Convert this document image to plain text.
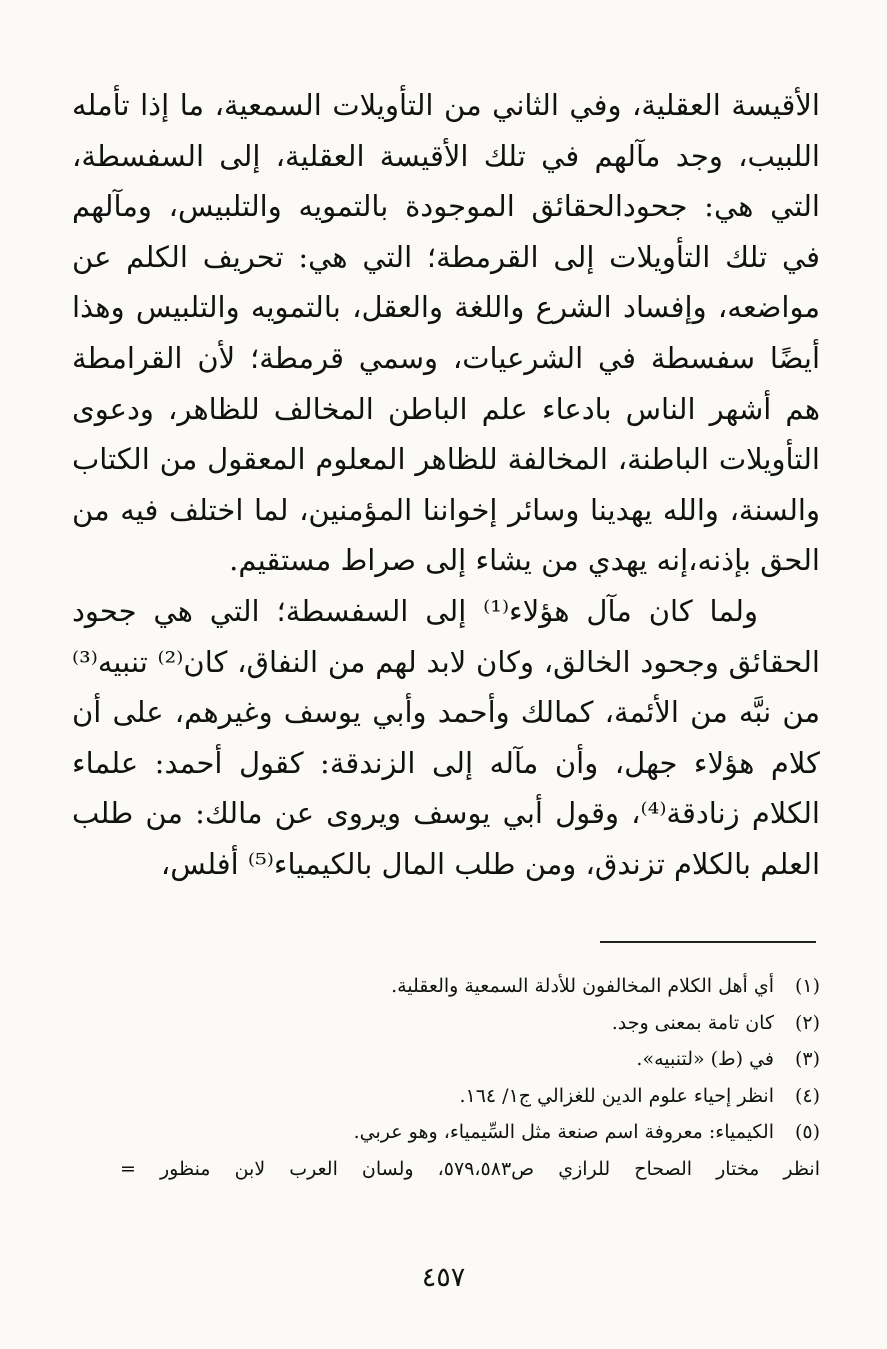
الأقيسة العقلية، وفي الثاني من التأويلات السمعية، ما إذا تأمله اللبيب، وجد مآلهم في تلك الأقيسة العقلية، إلى السفسطة، التي هي: جحودالحقائق الموجودة بالتمويه والتلبيس، ومآلهم في تلك التأويلات إلى القرمطة؛ التي هي: تحريف الكلم عن مواضعه، وإفساد الشرع واللغة والعقل، بالتمويه والتلبيس وهذا أيضًا سفسطة في الشرعيات، وسمي قرمطة؛ لأن القرامطة هم أشهر الناس بادعاء علم الباطن المخالف للظاهر، ودعوى التأويلات الباطنة، المخالفة للظاهر المعلوم المعقول من الكتاب والسنة، والله يهدينا وسائر إخواننا المؤمنين، لما اختلف فيه من الحق بإذنه،إنه يهدي من يشاء إلى صراط مستقيم.

ولما كان مآل هؤلاء⁽¹⁾ إلى السفسطة؛ التي هي جحود الحقائق وجحود الخالق، وكان لابد لهم من النفاق، كان⁽²⁾ تنبيه⁽³⁾ من نبَّه من الأئمة، كمالك وأحمد وأبي يوسف وغيرهم، على أن كلام هؤلاء جهل، وأن مآله إلى الزندقة: كقول أحمد: علماء الكلام زنادقة⁽⁴⁾، وقول أبي يوسف ويروى عن مالك: من طلب العلم بالكلام تزندق، ومن طلب المال بالكيمياء⁽⁵⁾ أفلس،

(١)
أي أهل الكلام المخالفون للأدلة السمعية والعقلية.
(٢)
كان تامة بمعنى وجد.
(٣)
في (ط) «لتنبيه».
(٤)
انظر إحياء علوم الدين للغزالي ج١/ ١٦٤.
(٥)
الكيمياء: معروفة اسم صنعة مثل السِّيمياء، وهو عربي.
انظر مختار الصحاح للرازي ص٥٧٩،٥٨٣، ولسان العرب لابن منظور =
٤٥٧
